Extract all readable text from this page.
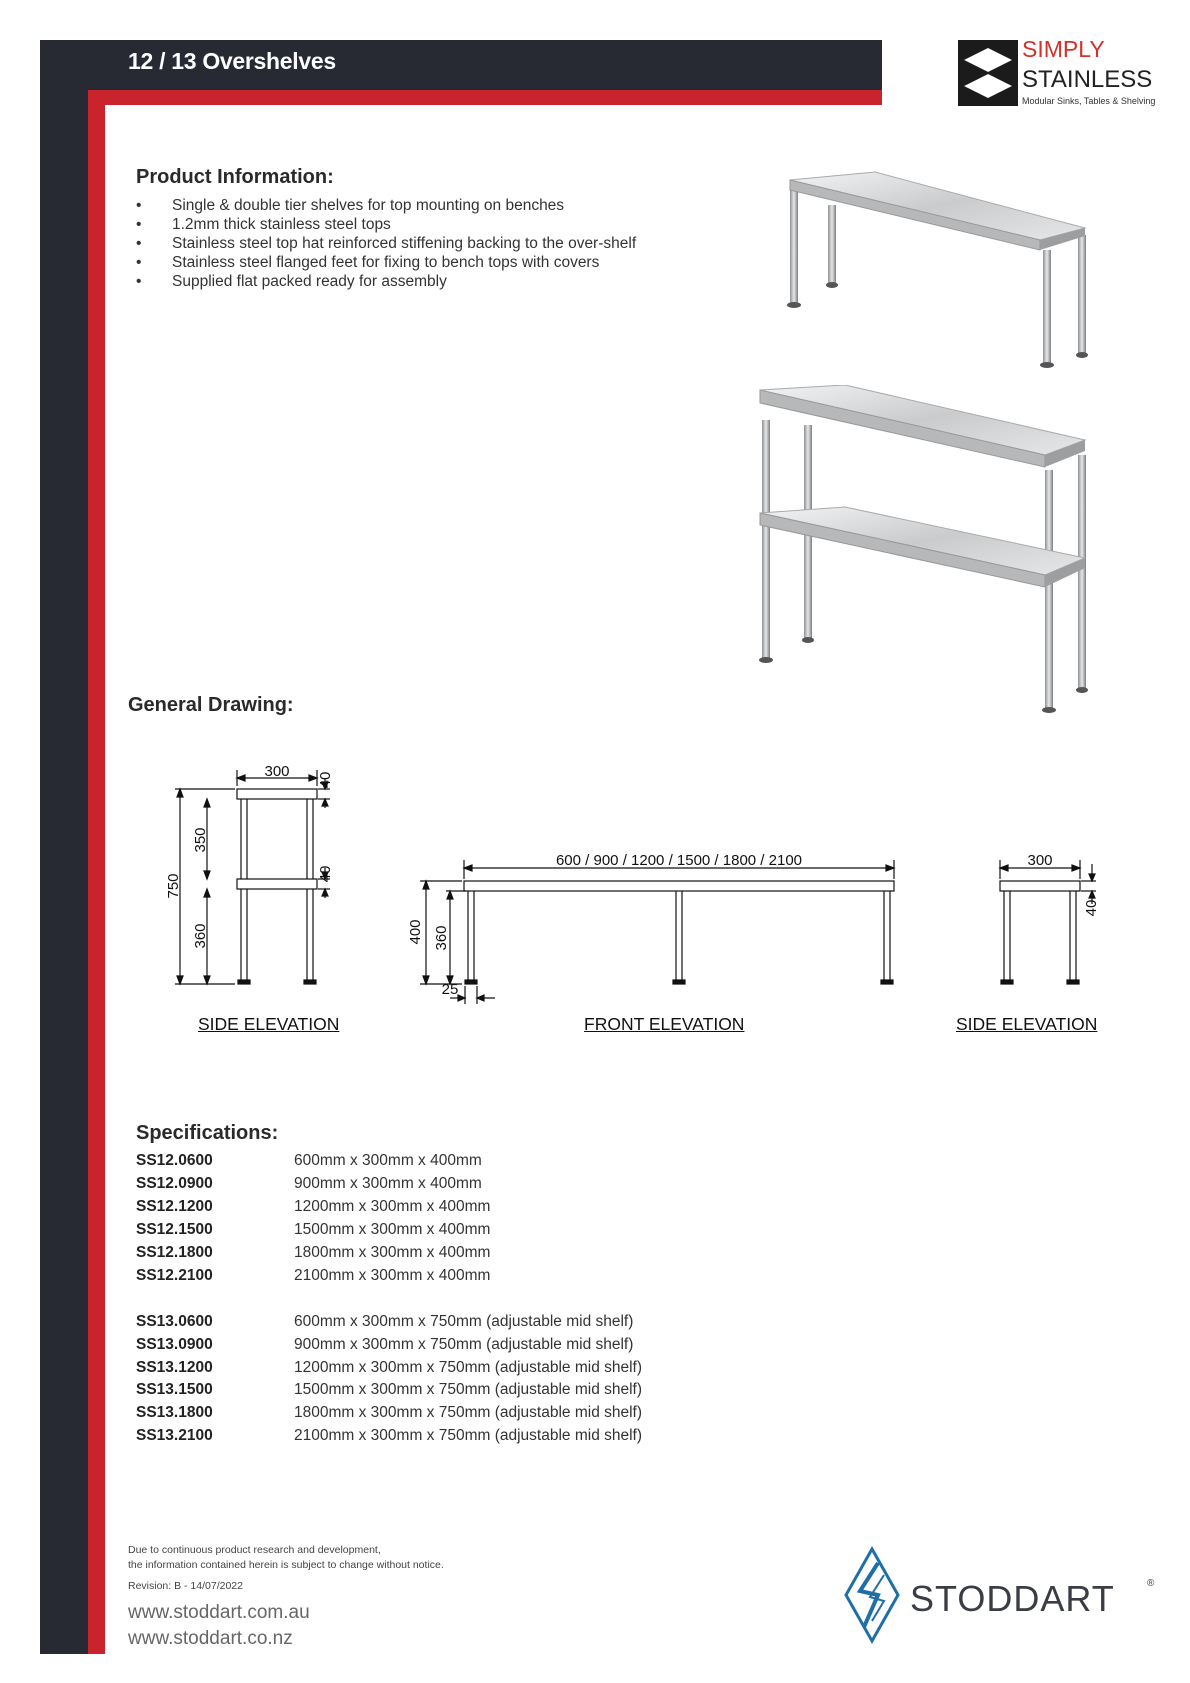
12 / 13 Overshelves	SIMPLY
STAINLESS
Modular Sinks, Tables & Shelving
Product Information:
• Single & double tier shelves for top mounting on benches
• 1.2mm thick stainless steel tops
• Stainless steel top hat reinforced stiffening backing to the over-shelf
• Stainless steel flanged feet for fixing to bench tops with covers
• Supplied flat packed ready for assembly
General Drawing:
300 40
350
40
750
360
600 / 900 / 1200 / 1500 / 1800 / 2100
400 360
25
300
40
SIDE ELEVATION	FRONT ELEVATION	SIDE ELEVATION
Specifications:
SS12.0600	600mm x 300mm x 400mm
SS12.0900	900mm x 300mm x 400mm
SS12.1200	1200mm x 300mm x 400mm
SS12.1500	1500mm x 300mm x 400mm
SS12.1800	1800mm x 300mm x 400mm
SS12.2100	2100mm x 300mm x 400mm

SS13.0600	600mm x 300mm x 750mm (adjustable mid shelf)
SS13.0900	900mm x 300mm x 750mm (adjustable mid shelf)
SS13.1200	1200mm x 300mm x 750mm (adjustable mid shelf)
SS13.1500	1500mm x 300mm x 750mm (adjustable mid shelf)
SS13.1800	1800mm x 300mm x 750mm (adjustable mid shelf)
SS13.2100	2100mm x 300mm x 750mm (adjustable mid shelf)
Due to continuous product research and development,
the information contained herein is subject to change without notice.
Revision: B - 14/07/2022
www.stoddart.com.au
www.stoddart.co.nz
STODDART	®
